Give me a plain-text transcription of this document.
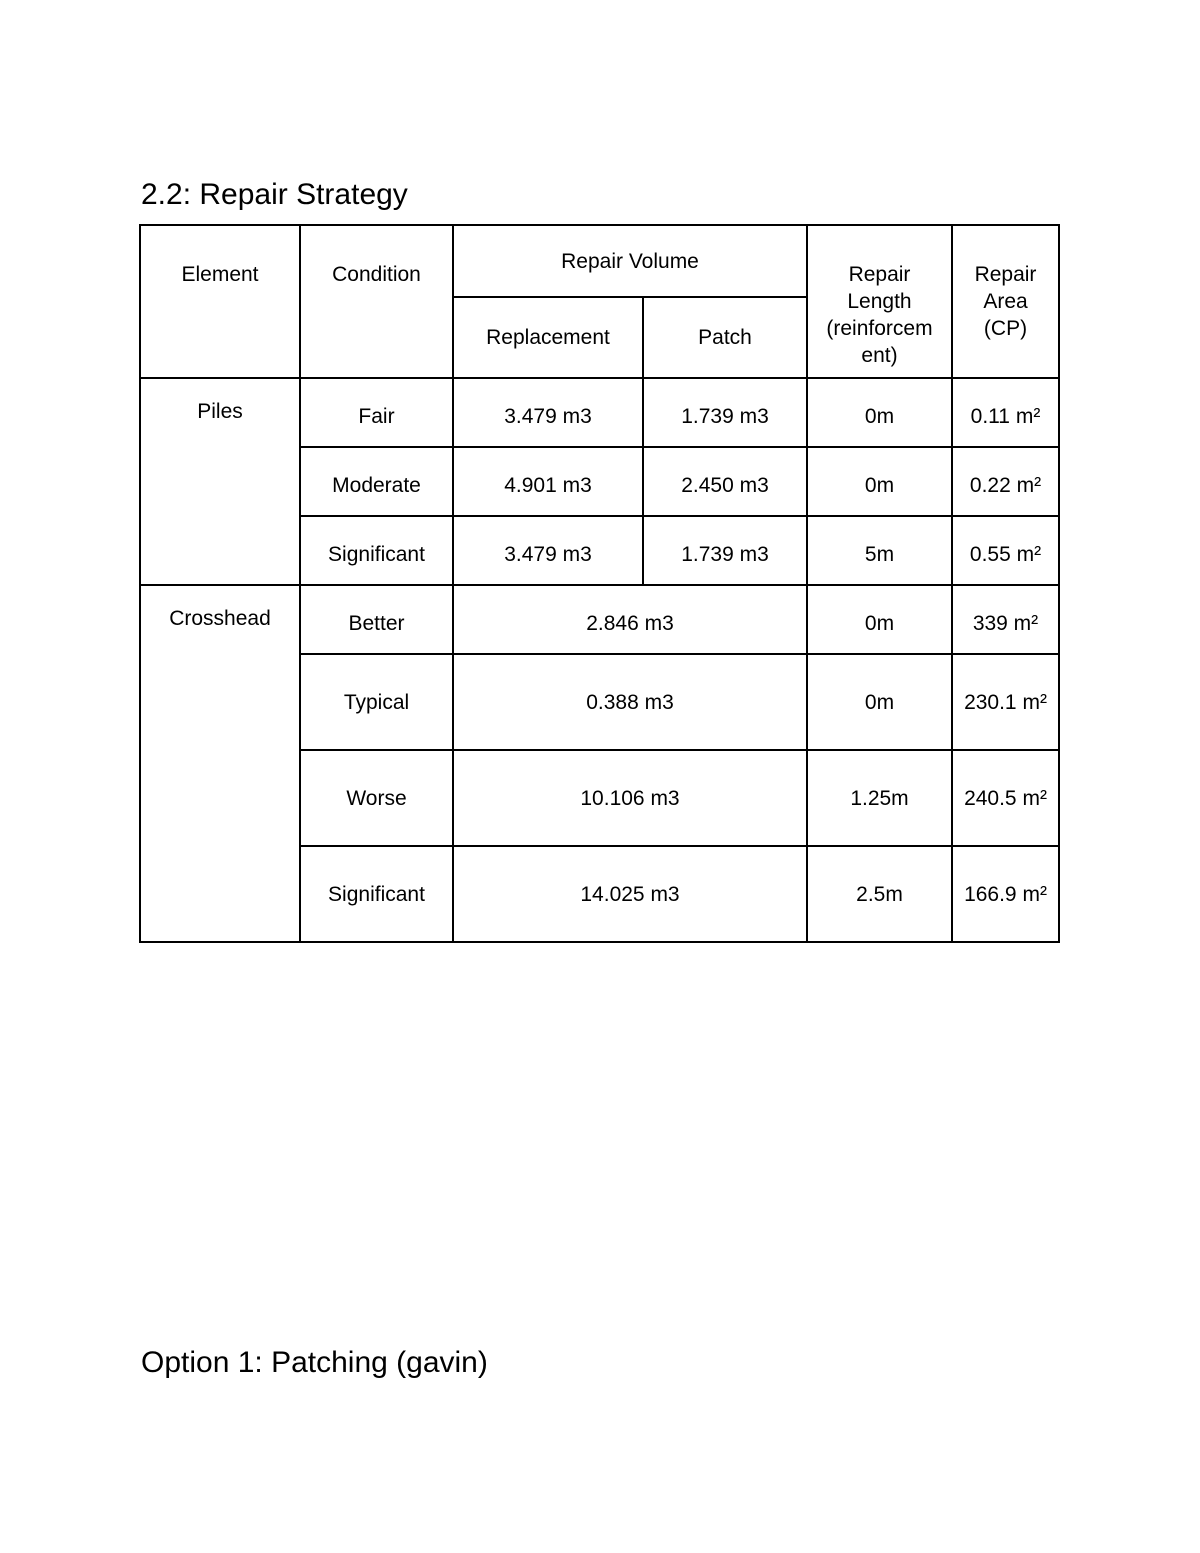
2.2: Repair Strategy
Element	Condition	Repair Volume		Repair Length (reinforcem ent)	Repair Area (CP)
		Replacement	Patch		
Piles	Fair	3.479 m3	1.739 m3	0m	0.11 m²
	Moderate	4.901 m3	2.450 m3	0m	0.22 m²
	Significant	3.479 m3	1.739 m3	5m	0.55 m²
Crosshead	Better	2.846 m3		0m	339 m²
	Typical	0.388 m3		0m	230.1 m²
	Worse	10.106 m3		1.25m	240.5 m²
	Significant	14.025 m3		2.5m	166.9 m²
Option 1: Patching (gavin)
